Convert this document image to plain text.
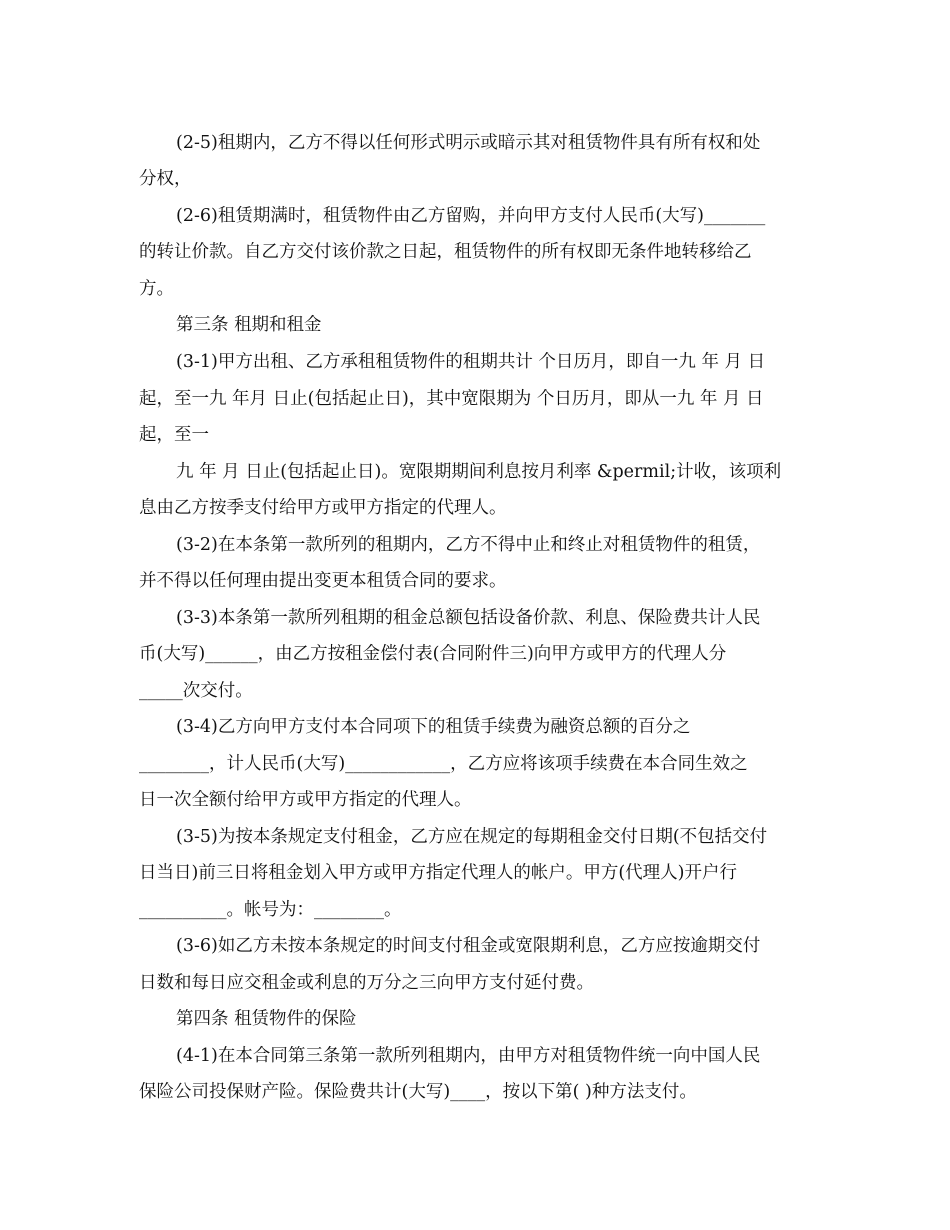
(2-5)租期内，乙方不得以任何形式明示或暗示其对租赁物件具有所有权和处

分权，

(2-6)租赁期满时，租赁物件由乙方留购，并向甲方支付人民币(大写)_______

的转让价款。自乙方交付该价款之日起，租赁物件的所有权即无条件地转移给乙

方。

第三条 租期和租金

(3-1)甲方出租、乙方承租租赁物件的租期共计 个日历月，即自一九 年 月 日

起，至一九 年月 日止(包括起止日)，其中宽限期为 个日历月，即从一九 年 月 日

起，至一

九 年 月 日止(包括起止日)。宽限期期间利息按月利率 &permil;计收，该项利

息由乙方按季支付给甲方或甲方指定的代理人。

(3-2)在本条第一款所列的租期内，乙方不得中止和终止对租赁物件的租赁，

并不得以任何理由提出变更本租赁合同的要求。

(3-3)本条第一款所列租期的租金总额包括设备价款、利息、保险费共计人民

币(大写)______，由乙方按租金偿付表(合同附件三)向甲方或甲方的代理人分

_____次交付。

(3-4)乙方向甲方支付本合同项下的租赁手续费为融资总额的百分之

________，计人民币(大写)____________，乙方应将该项手续费在本合同生效之

日一次全额付给甲方或甲方指定的代理人。

(3-5)为按本条规定支付租金，乙方应在规定的每期租金交付日期(不包括交付

日当日)前三日将租金划入甲方或甲方指定代理人的帐户。甲方(代理人)开户行

__________。帐号为：________。

(3-6)如乙方未按本条规定的时间支付租金或宽限期利息，乙方应按逾期交付

日数和每日应交租金或利息的万分之三向甲方支付延付费。

第四条 租赁物件的保险

(4-1)在本合同第三条第一款所列租期内，由甲方对租赁物件统一向中国人民

保险公司投保财产险。保险费共计(大写)____，按以下第( )种方法支付。
